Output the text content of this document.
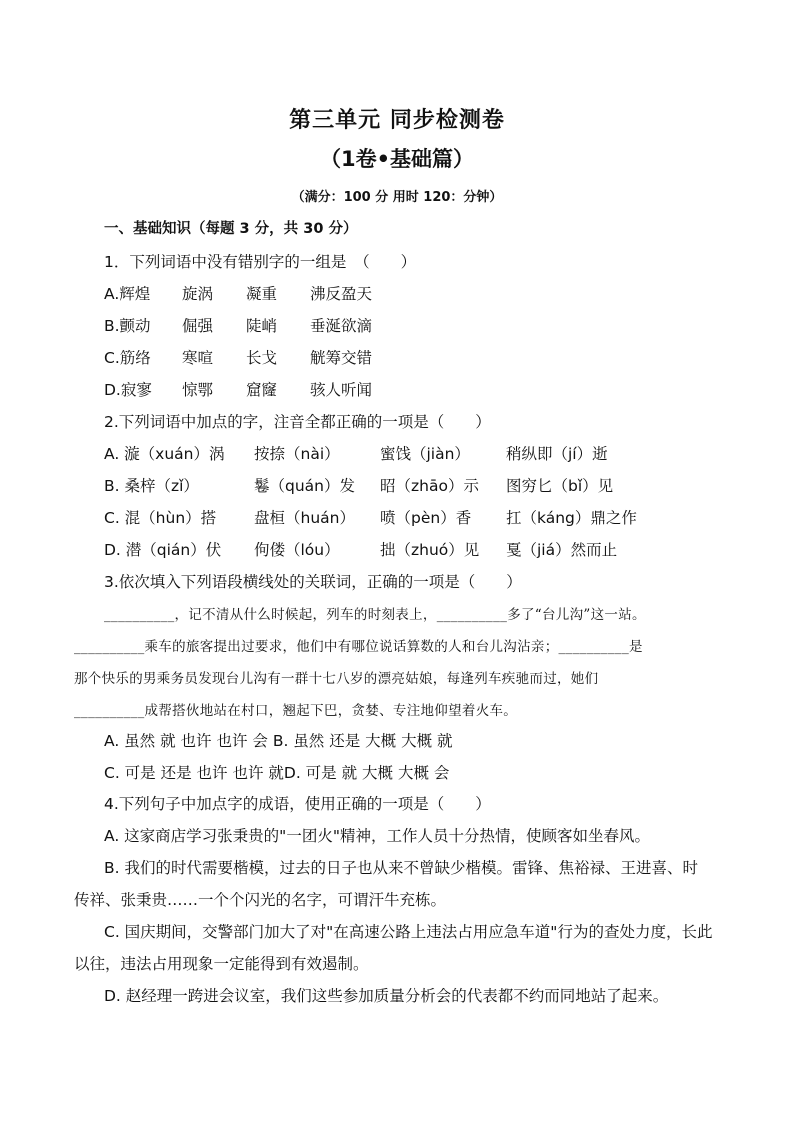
第三单元 同步检测卷
（1卷•基础篇）
（满分：100 分 用时 120：分钟）
一、基础知识（每题 3 分，共 30 分）
1．下列词语中没有错别字的一组是　（　　）
A.辉煌 旋涡 凝重 沸反盈天
B.颤动 倔强 陡峭 垂涎欲滴
C.筋络 寒喧 长戈 觥筹交错
D.寂寥 惊鄂 窟窿 骇人听闻
2.下列词语中加点的字，注音全都正确的一项是（　　）
A. 漩（xuán）涡 按捺（nài）	蜜饯（jiàn） 稍纵即（jí）逝
B. 桑梓（zǐ）	鬈（quán）发 昭（zhāo）示 图穷匕（bǐ）见
C. 混（hùn）搭 盘桓（huán） 喷（pèn）香 扛（káng）鼎之作
D. 潜（qián）伏 佝偻（lóu）	拙（zhuó）见 戛（jiá）然而止
3.依次填入下列语段横线处的关联词，正确的一项是（　　）
__________，记不清从什么时候起，列车的时刻表上，__________多了“台儿沟”这一站。
__________乘车的旅客提出过要求，他们中有哪位说话算数的人和台儿沟沾亲；__________是
那个快乐的男乘务员发现台儿沟有一群十七八岁的漂亮姑娘，每逢列车疾驰而过，她们
__________成帮搭伙地站在村口，翘起下巴，贪婪、专注地仰望着火车。
A. 虽然 就 也许 也许 会 B. 虽然 还是 大概 大概 就
C. 可是 还是 也许 也许 就D. 可是 就 大概 大概 会
4.下列句子中加点字的成语，使用正确的一项是（　　）
A. 这家商店学习张秉贵的"一团火"精神，工作人员十分热情，使顾客如坐春风。
B. 我们的时代需要楷模，过去的日子也从来不曾缺少楷模。雷锋、焦裕禄、王进喜、时
传祥、张秉贵……一个个闪光的名字，可谓汗牛充栋。
C. 国庆期间，交警部门加大了对"在高速公路上违法占用应急车道"行为的查处力度，长此
以往，违法占用现象一定能得到有效遏制。
D. 赵经理一跨进会议室，我们这些参加质量分析会的代表都不约而同地站了起来。
